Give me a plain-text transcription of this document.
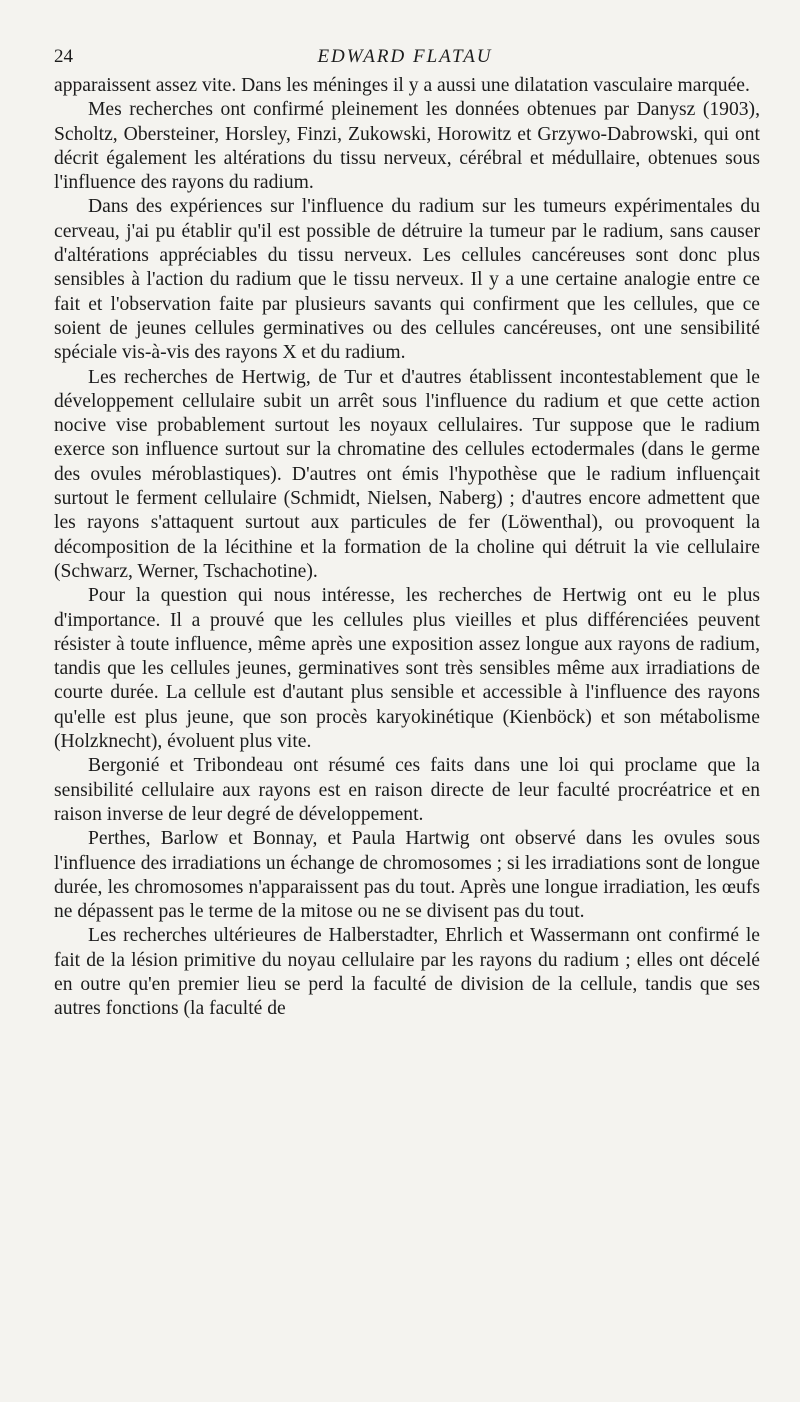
24	EDWARD FLATAU

apparaissent assez vite. Dans les méninges il y a aussi une dilatation vasculaire marquée.

Mes recherches ont confirmé pleinement les données obtenues par Danysz (1903), Scholtz, Obersteiner, Horsley, Finzi, Zukowski, Horowitz et Grzywo-Dabrowski, qui ont décrit également les altérations du tissu nerveux, cérébral et médullaire, obtenues sous l'influence des rayons du radium.

Dans des expériences sur l'influence du radium sur les tumeurs expérimentales du cerveau, j'ai pu établir qu'il est possible de détruire la tumeur par le radium, sans causer d'altérations appréciables du tissu nerveux. Les cellules cancéreuses sont donc plus sensibles à l'action du radium que le tissu nerveux. Il y a une certaine analogie entre ce fait et l'observation faite par plusieurs savants qui confirment que les cellules, que ce soient de jeunes cellules germinatives ou des cellules cancéreuses, ont une sensibilité spéciale vis-à-vis des rayons X et du radium.

Les recherches de Hertwig, de Tur et d'autres établissent incontestablement que le développement cellulaire subit un arrêt sous l'influence du radium et que cette action nocive vise probablement surtout les noyaux cellulaires. Tur suppose que le radium exerce son influence surtout sur la chromatine des cellules ectodermales (dans le germe des ovules méroblastiques). D'autres ont émis l'hypothèse que le radium influençait surtout le ferment cellulaire (Schmidt, Nielsen, Naberg) ; d'autres encore admettent que les rayons s'attaquent surtout aux particules de fer (Löwenthal), ou provoquent la décomposition de la lécithine et la formation de la choline qui détruit la vie cellulaire (Schwarz, Werner, Tschachotine).

Pour la question qui nous intéresse, les recherches de Hertwig ont eu le plus d'importance. Il a prouvé que les cellules plus vieilles et plus différenciées peuvent résister à toute influence, même après une exposition assez longue aux rayons de radium, tandis que les cellules jeunes, germinatives sont très sensibles même aux irradiations de courte durée. La cellule est d'autant plus sensible et accessible à l'influence des rayons qu'elle est plus jeune, que son procès karyokinétique (Kienböck) et son métabolisme (Holzknecht), évoluent plus vite.

Bergonié et Tribondeau ont résumé ces faits dans une loi qui proclame que la sensibilité cellulaire aux rayons est en raison directe de leur faculté procréatrice et en raison inverse de leur degré de développement.

Perthes, Barlow et Bonnay, et Paula Hartwig ont observé dans les ovules sous l'influence des irradiations un échange de chromosomes ; si les irradiations sont de longue durée, les chromosomes n'apparaissent pas du tout. Après une longue irradiation, les œufs ne dépassent pas le terme de la mitose ou ne se divisent pas du tout.

Les recherches ultérieures de Halberstadter, Ehrlich et Wassermann ont confirmé le fait de la lésion primitive du noyau cellulaire par les rayons du radium ; elles ont décelé en outre qu'en premier lieu se perd la faculté de division de la cellule, tandis que ses autres fonctions (la faculté de
